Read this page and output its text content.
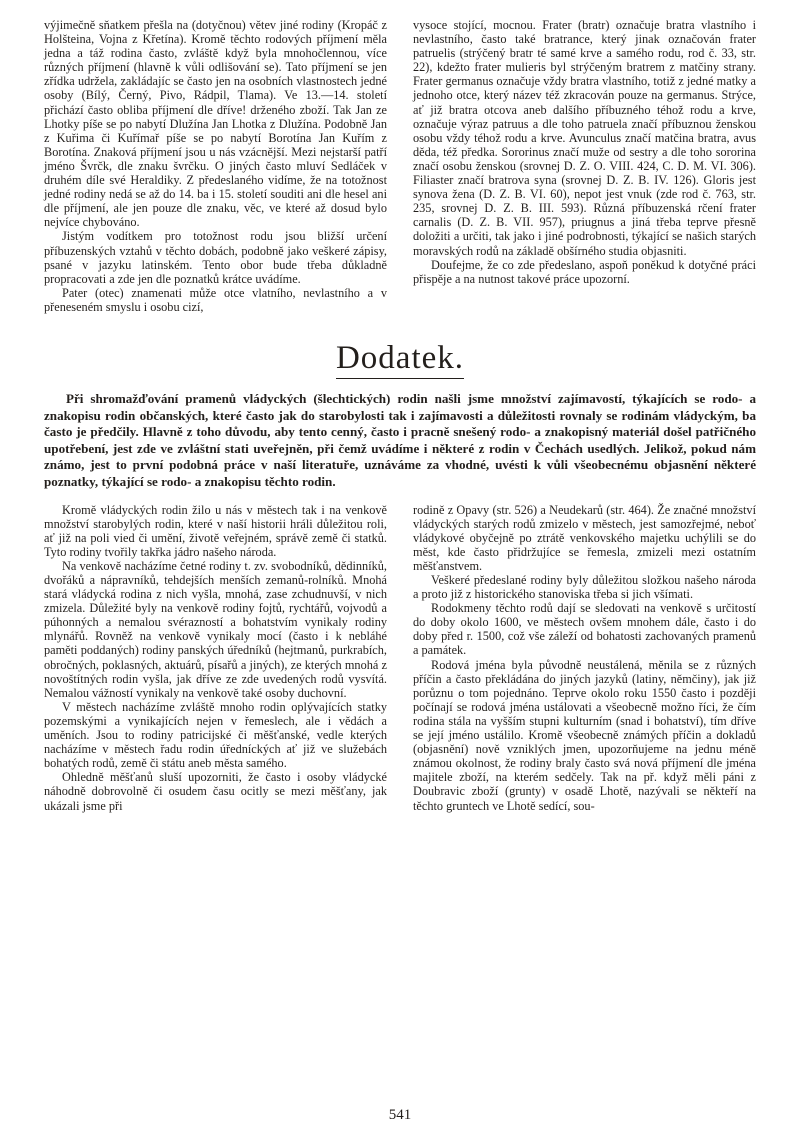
výjimečně sňatkem přešla na (dotyčnou) větev jiné rodiny (Kropáč z Holšteina, Vojna z Křetína). Kromě těchto rodových příjmení měla jedna a táž rodina často, zvláště když byla mnohočlennou, více různých příjmení (hlavně k vůli odlišování se). Tato příjmení se jen zřídka udržela, zakládajíc se často jen na osobních vlastnostech jedné osoby (Bílý, Černý, Pivo, Rádpil, Tlama). Ve 13.—14. století přichází často obliba příjmení dle dříve! drženého zboží. Tak Jan ze Lhotky píše se po nabytí Dlužína Jan Lhotka z Dlužína. Podobně Jan z Kuřima či Kuřímař píše se po nabytí Borotína Jan Kuřím z Borotína. Znaková příjmení jsou u nás vzácnější. Mezi nejstarší patří jméno Švrčk, dle znaku švrčku. O jiných často mluví Sedláček v druhém díle své Heraldiky. Z předeslaného vidíme, že na totožnost jedné rodiny nedá se až do 14. ba i 15. století souditi ani dle hesel ani dle příjmení, ale jen pouze dle znaku, věc, ve které až dosud bylo nejvíce chybováno.

Jistým vodítkem pro totožnost rodu jsou bližší určení příbuzenských vztahů v těchto dobách, podobně jako veškeré zápisy, psané v jazyku latinském. Tento obor bude třeba důkladně propracovati a zde jen dle poznatků krátce uvádíme.

Pater (otec) znamenati může otce vlatního, nevlastního a v přeneseném smyslu i osobu cizí,

vysoce stojící, mocnou. Frater (bratr) označuje bratra vlastního i nevlastního, často také bratrance, který jinak označován frater patruelis (strýčený bratr té samé krve a samého rodu, rod č. 33, str. 22), kdežto frater mulieris byl strýčeným bratrem z matčiny strany. Frater germanus označuje vždy bratra vlastního, totiž z jedné matky a jednoho otce, který název též zkracován pouze na germanus. Strýce, ať již bratra otcova aneb dalšího příbuzného téhož rodu a krve, označuje výraz patruus a dle toho patruela značí příbuznou ženskou osobu vždy téhož rodu a krve. Avunculus značí matčina bratra, avus děda, též předka. Sororinus značí muže od sestry a dle toho sororina značí osobu ženskou (srovnej D. Z. O. VIII. 424, C. D. M. VI. 306). Filiaster značí bratrova syna (srovnej D. Z. B. IV. 126). Gloris jest synova žena (D. Z. B. VI. 60), nepot jest vnuk (zde rod č. 763, str. 235, srovnej D. Z. B. III. 593). Různá příbuzenská rčení frater carnalis (D. Z. B. VII. 957), priugnus a jiná třeba teprve přesně doložiti a určiti, tak jako i jiné podrobnosti, týkající se našich starých moravských rodů na základě obšírného studia objasniti.

Doufejme, že co zde předeslano, aspoň poněkud k dotyčné práci přispěje a na nutnost takové práce upozorní.

Dodatek.

Při shromažďování pramenů vládyckých (šlechtických) rodin našli jsme množství zajímavostí, týkajících se rodo- a znakopisu rodin občanských, které často jak do starobylosti tak i zajímavosti a důležitosti rovnaly se rodinám vládyckým, ba často je předčily. Hlavně z toho důvodu, aby tento cenný, často i pracně snešený rodo- a znakopisný materiál došel patřičného upotřebení, jest zde ve zvláštní stati uveřejněn, při čemž uvádíme i některé z rodin v Čechách usedlých. Jelikož, pokud nám známo, jest to první podobná práce v naší literatuře, uznáváme za vhodné, uvésti k vůli všeobecnému objasnění některé poznatky, týkající se rodo- a znakopisu těchto rodin.

Kromě vládyckých rodin žilo u nás v městech tak i na venkově množství starobylých rodin, které v naší historii hráli důležitou roli, ať již na poli vied či umění, životě veřejném, správě země či statků. Tyto rodiny tvořily takřka jádro našeho národa.

Na venkově nacházíme četné rodiny t. zv. svobodníků, dědinníků, dvořáků a nápravníků, tehdejších menších zemanů-rolníků. Mnohá stará vládycká rodina z nich vyšla, mnohá, zase zchudnuvší, v nich zmizela. Důležité byly na venkově rodiny fojtů, rychtářů, vojvodů a púhonných a nemalou svérazností a bohatstvím vynikaly rodiny mlynářů. Rovněž na venkově vynikaly mocí (často i k nebláhé paměti poddaných) rodiny panských úředníků (hejtmanů, purkrabích, obročných, poklasných, aktuárů, písařů a jiných), ze kterých mnohá z novoštítných rodin vyšla, jak dříve ze zde uvedených rodů vysvítá. Nemalou vážností vynikaly na venkově také osoby duchovní.

V městech nacházíme zvláště mnoho rodin oplývajících statky pozemskými a vynikajících nejen v řemeslech, ale i vědách a uměních. Jsou to rodiny patricijské či měšťanské, vedle kterých nacházíme v městech řadu rodin úředníckých ať již ve služebách bohatých rodů, země či státu aneb města samého.

Ohledně měšťanů sluší upozorniti, že často i osoby vládycké náhodně dobrovolně či osudem času ocitly se mezi měšťany, jak ukázali jsme při

rodině z Opavy (str. 526) a Neudekarů (str. 464). Že značné množství vládyckých starých rodů zmizelo v městech, jest samozřejmé, neboť vládykové obyčejně po ztrátě venkovského majetku uchýlili se do měst, kde často přidržujíce se řemesla, zmizeli mezi ostatním měšťanstvem.

Veškeré předeslané rodiny byly důležitou složkou našeho národa a proto již z historického stanoviska třeba si jich všímati.

Rodokmeny těchto rodů dají se sledovati na venkově s určitostí do doby okolo 1600, ve městech ovšem mnohem dále, často i do doby před r. 1500, což vše záleží od bohatosti zachovaných pramenů a památek.

Rodová jména byla původně neustálená, měnila se z různých příčin a často překládána do jiných jazyků (latiny, němčiny), jak již porůznu o tom pojednáno. Teprve okolo roku 1550 často i později počínají se rodová jména ustálovati a všeobecně možno říci, že čím rodina stála na vyšším stupni kulturním (snad i bohatství), tím dříve se její jméno ustálilo. Kromě všeobecně známých příčin a dokladů (objasnění) nově vzniklých jmen, upozorňujeme na jednu méně známou okolnost, že rodiny braly často svá nová příjmení dle jména majitele zboží, na kterém sedčely. Tak na př. když měli páni z Doubravic zboží (grunty) v osadě Lhotě, nazývali se někteří na těchto gruntech ve Lhotě sedící, sou-

541
